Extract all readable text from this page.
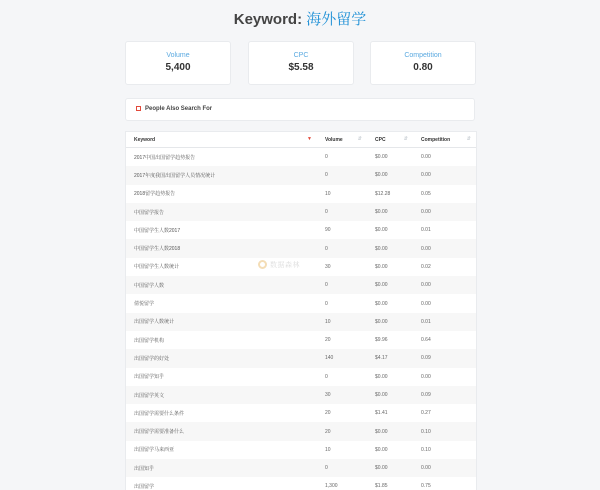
Keyword: 海外留学
Volume
5,400
CPC
$5.58
Competition
0.80
People Also Search For
Keyword ▼	Volume ⇵	CPC ⇵	Competition ⇵

2017中国出国留学趋势报告	0	$0.00	0.00
2017年度我国出国留学人员情况统计	0	$0.00	0.00
2018留学趋势报告	10	$12.28	0.05
中国留学报告	0	$0.00	0.00
中国留学生人数2017	90	$0.00	0.01
中国留学生人数2018	0	$0.00	0.00
中国留学生人数统计	30	$0.00	0.02
中国留学人数	0	$0.00	0.00
倩悦留学	0	$0.00	0.00
出国留学人数统计	10	$0.00	0.01
出国留学机构	20	$9.96	0.64
出国留学的好处	140	$4.17	0.09
出国留学知乎	0	$0.00	0.00
出国留学英文	30	$0.00	0.09
出国留学需要什么条件	20	$1.41	0.27
出国留学需要准备什么	20	$0.00	0.10
出国留学马来西亚	10	$0.00	0.10
出国知乎	0	$0.00	0.00
出国留学	1,300	$1.85	0.75
数据森林
